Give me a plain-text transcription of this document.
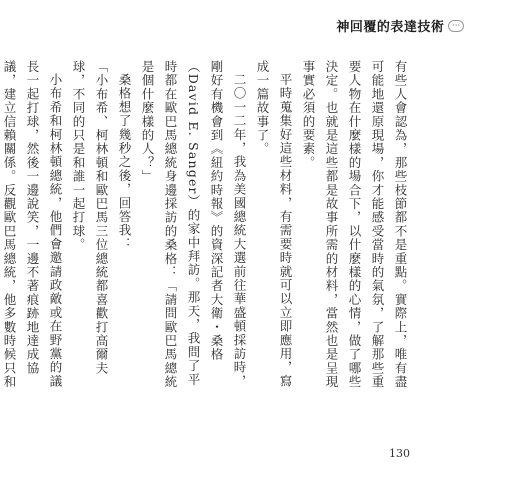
神回覆的表達技術	···

有些人會認為，那些枝節都不是重點。實際上，唯有盡可能地還原現場，你才能感受當時的氣氛，了解那些重要人物在什麼樣的場合下，以什麼樣的心情，做了哪些決定。也就是這些都是故事所需的材料，當然也是呈現事實必須的要素。

平時蒐集好這些材料，有需要時就可以立即應用，寫成一篇故事了。

二〇一二年，我為美國總統大選前往華盛頓採訪時，剛好有機會到《紐約時報》的資深記者大衛・桑格（David E. Sanger）的家中拜訪。那天，我問了平時都在歐巴馬總統身邊採訪的桑格：「請問歐巴馬總統是個什麼樣的人？」

桑格想了幾秒之後，回答我：

「小布希、柯林頓和歐巴馬三位總統都喜歡打高爾夫球，不同的只是和誰一起打球。

小布希和柯林頓總統，他們會邀請政敵或在野黨的議長一起打球，然後一邊說笑，一邊不著痕跡地達成協議，建立信賴關係。反觀歐巴馬總統，他多數時候只和

130
